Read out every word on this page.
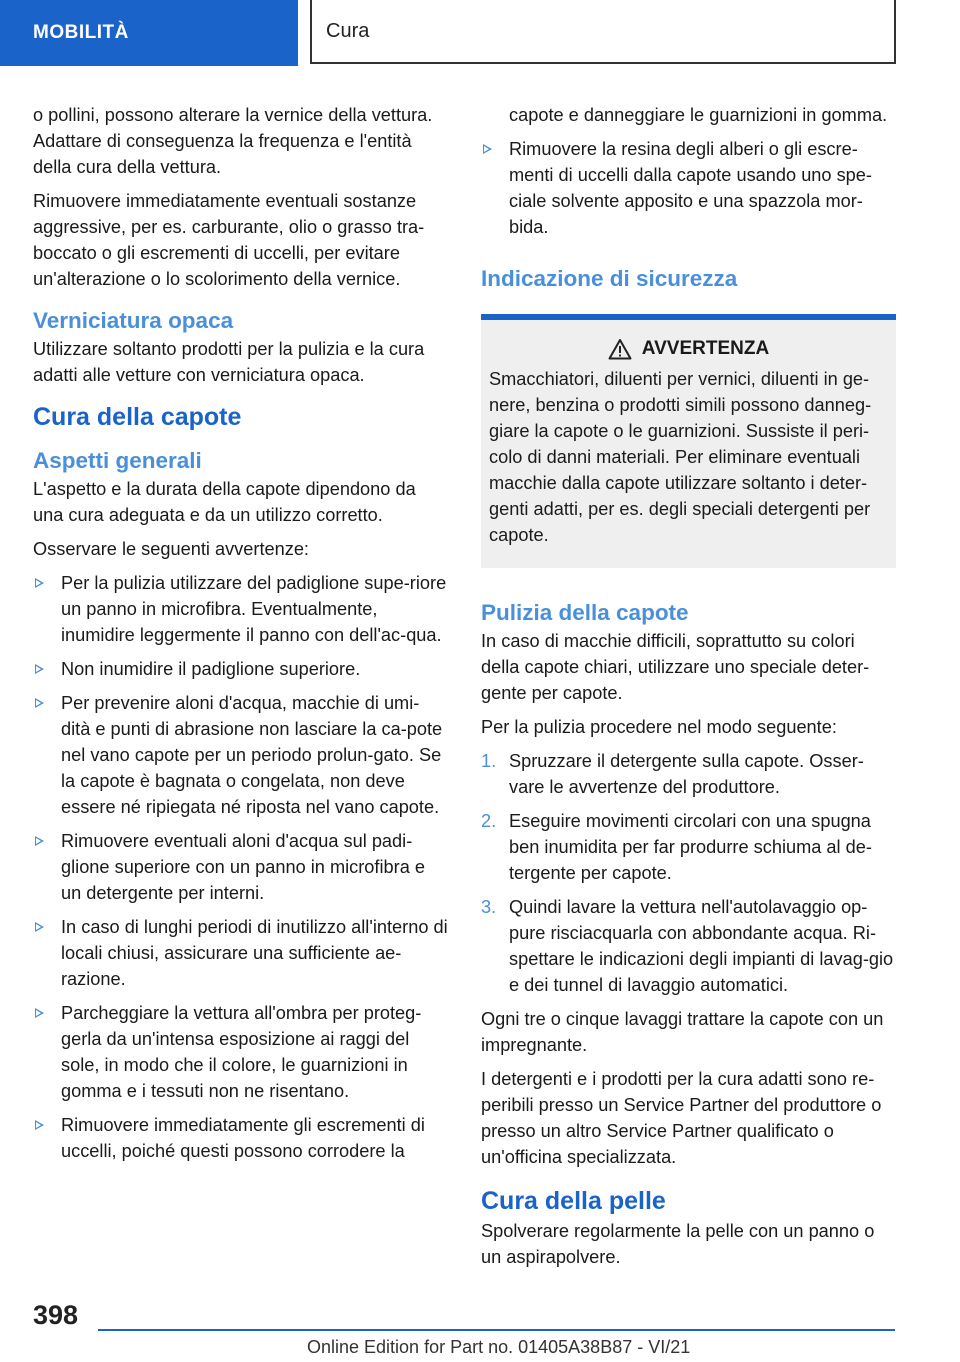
MOBILITÀ	Cura

o pollini, possono alterare la vernice della vettura. Adattare di conseguenza la frequenza e l'entità della cura della vettura.

Rimuovere immediatamente eventuali sostanze aggressive, per es. carburante, olio o grasso tra-boccato o gli escrementi di uccelli, per evitare un'alterazione o lo scolorimento della vernice.

Verniciatura opaca

Utilizzare soltanto prodotti per la pulizia e la cura adatti alle vetture con verniciatura opaca.

Cura della capote
Aspetti generali

L'aspetto e la durata della capote dipendono da una cura adeguata e da un utilizzo corretto.

Osservare le seguenti avvertenze:

Per la pulizia utilizzare del padiglione supe-riore un panno in microfibra. Eventualmente, inumidire leggermente il panno con dell'ac-qua.
Non inumidire il padiglione superiore.
Per prevenire aloni d'acqua, macchie di umi-dità e punti di abrasione non lasciare la ca-pote nel vano capote per un periodo prolun-gato. Se la capote è bagnata o congelata, non deve essere né ripiegata né riposta nel vano capote.
Rimuovere eventuali aloni d'acqua sul padi-glione superiore con un panno in microfibra e un detergente per interni.
In caso di lunghi periodi di inutilizzo all'interno di locali chiusi, assicurare una sufficiente ae-razione.
Parcheggiare la vettura all'ombra per proteg-gerla da un'intensa esposizione ai raggi del sole, in modo che il colore, le guarnizioni in gomma e i tessuti non ne risentano.
Rimuovere immediatamente gli escrementi di uccelli, poiché questi possono corrodere la

capote e danneggiare le guarnizioni in gomma.

Rimuovere la resina degli alberi o gli escre-menti di uccelli dalla capote usando uno spe-ciale solvente apposito e una spazzola mor-bida.
Indicazione di sicurezza
AVVERTENZA

Smacchiatori, diluenti per vernici, diluenti in ge-nere, benzina o prodotti simili possono danneg-giare la capote o le guarnizioni. Sussiste il peri-colo di danni materiali. Per eliminare eventuali macchie dalla capote utilizzare soltanto i deter-genti adatti, per es. degli speciali detergenti per capote.

Pulizia della capote

In caso di macchie difficili, soprattutto su colori della capote chiari, utilizzare uno speciale deter-gente per capote.

Per la pulizia procedere nel modo seguente:

1. Spruzzare il detergente sulla capote. Osser-vare le avvertenze del produttore.
2. Eseguire movimenti circolari con una spugna ben inumidita per far produrre schiuma al de-tergente per capote.
3. Quindi lavare la vettura nell'autolavaggio op-pure risciacquarla con abbondante acqua. Ri-spettare le indicazioni degli impianti di lavag-gio e dei tunnel di lavaggio automatici.

Ogni tre o cinque lavaggi trattare la capote con un impregnante.

I detergenti e i prodotti per la cura adatti sono re-peribili presso un Service Partner del produttore o presso un altro Service Partner qualificato o un'officina specializzata.

Cura della pelle

Spolverare regolarmente la pelle con un panno o un aspirapolvere.

398
Online Edition for Part no. 01405A38B87 - VI/21
